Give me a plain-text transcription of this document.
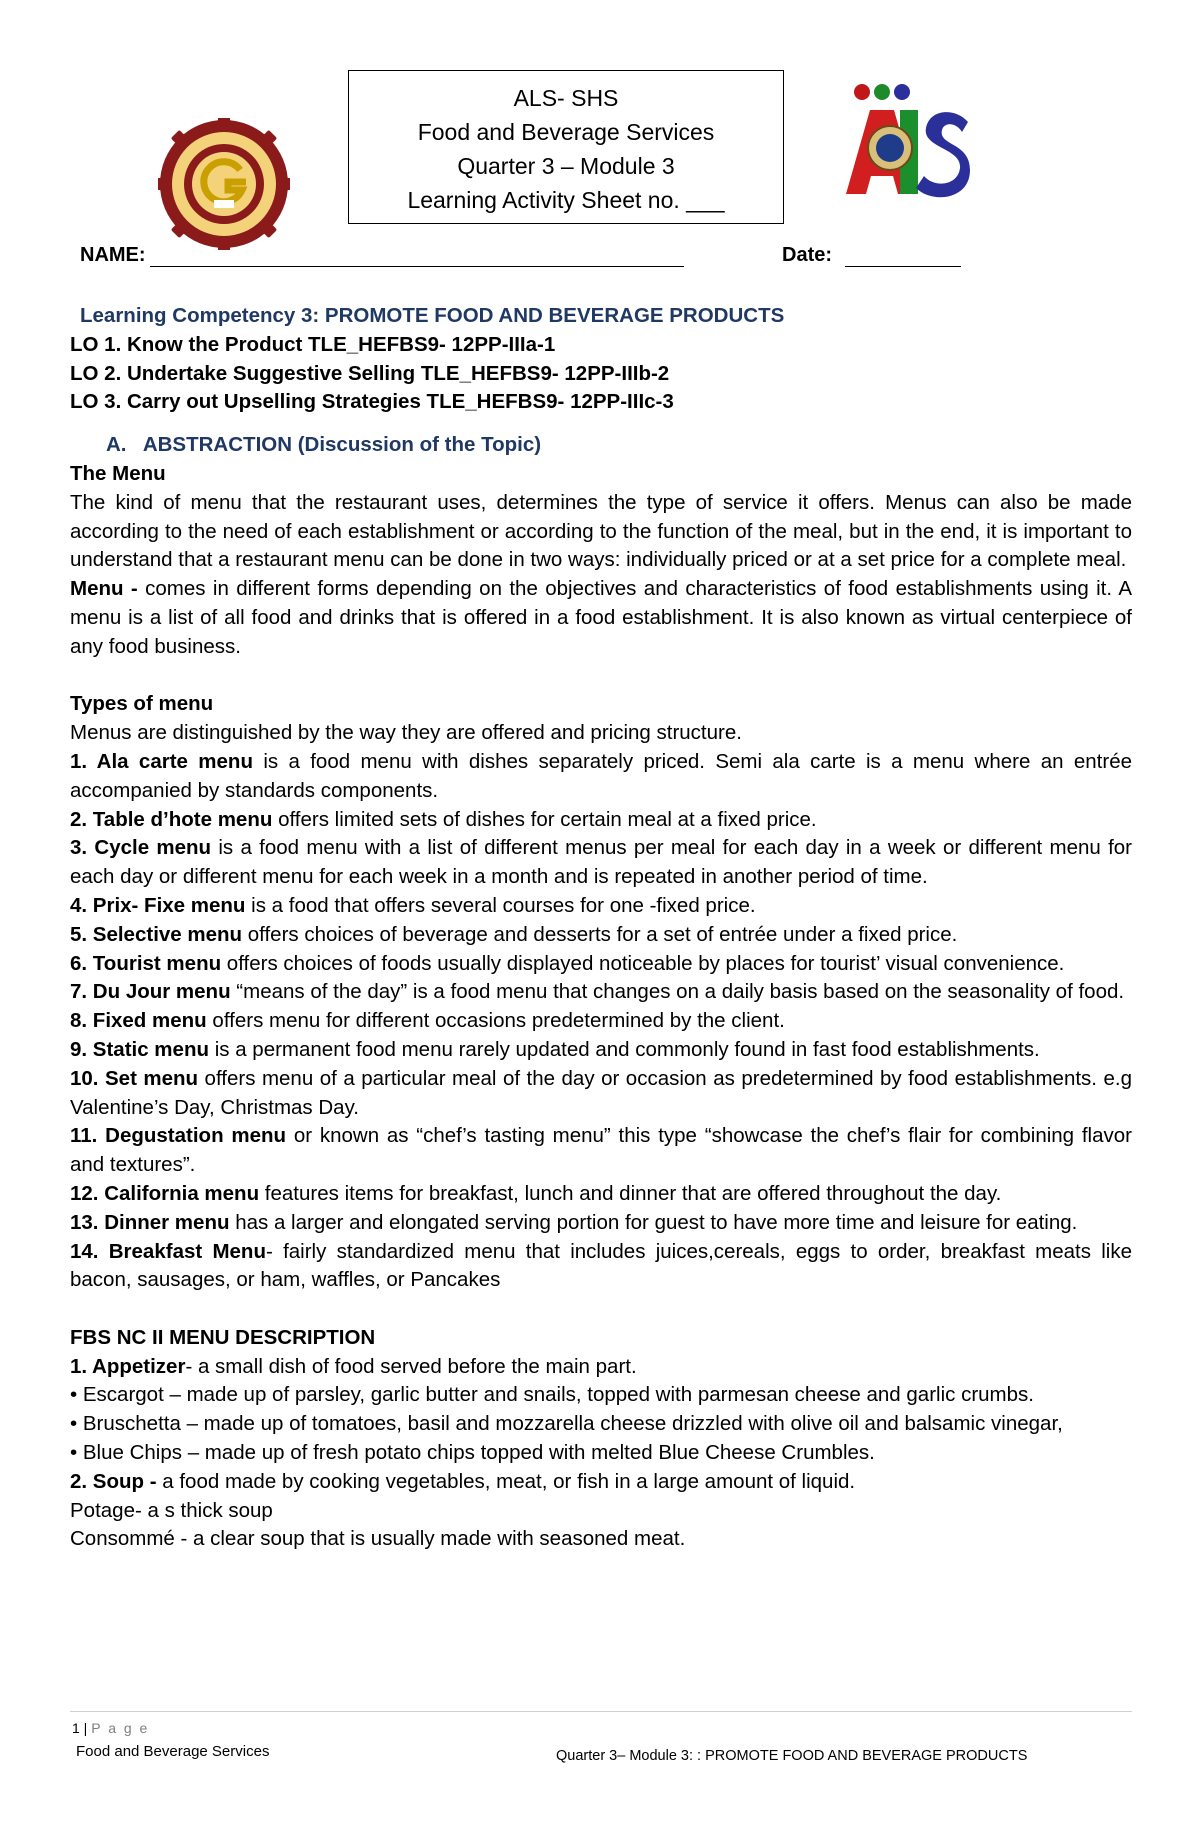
ALS- SHS
Food and Beverage Services
Quarter 3 – Module 3
Learning Activity Sheet no. ___
NAME:	Date:

Learning Competency 3: PROMOTE FOOD AND BEVERAGE PRODUCTS

LO 1. Know the Product TLE_HEFBS9- 12PP-IIIa-1

LO 2. Undertake Suggestive Selling TLE_HEFBS9- 12PP-IIIb-2

LO 3. Carry out Upselling Strategies TLE_HEFBS9- 12PP-IIIc-3

A.   ABSTRACTION (Discussion of the Topic)

The Menu

The kind of menu that the restaurant uses, determines the type of service it offers. Menus can also be made according to the need of each establishment or according to the function of the meal, but in the end, it is important to understand that a restaurant menu can be done in two ways: individually priced or at a set price for a complete meal.

Menu - comes in different forms depending on the objectives and characteristics of food establishments using it. A menu is a list of all food and drinks that is offered in a food establishment. It is also known as virtual centerpiece of any food business.

Types of menu

Menus are distinguished by the way they are offered and pricing structure.

1. Ala carte menu is a food menu with dishes separately priced. Semi ala carte is a menu where an entrée accompanied by standards components.

2. Table d’hote menu offers limited sets of dishes for certain meal at a fixed price.

3. Cycle menu is a food menu with a list of different menus per meal for each day in a week or different menu for each day or different menu for each week in a month and is repeated in another period of time.

4. Prix- Fixe menu is a food that offers several courses for one -fixed price.

5. Selective menu offers choices of beverage and desserts for a set of entrée under a fixed price.

6. Tourist menu offers choices of foods usually displayed noticeable by places for tourist’ visual convenience.

7. Du Jour menu “means of the day” is a food menu that changes on a daily basis based on the seasonality of food.

8. Fixed menu offers menu for different occasions predetermined by the client.

9. Static menu is a permanent food menu rarely updated and commonly found in fast food establishments.

10. Set menu offers menu of a particular meal of the day or occasion as predetermined by food establishments. e.g Valentine’s Day, Christmas Day.

11. Degustation menu or known as “chef’s tasting menu” this type “showcase the chef’s flair for combining flavor and textures”.

12. California menu features items for breakfast, lunch and dinner that are offered throughout the day.

13. Dinner menu has a larger and elongated serving portion for guest to have more time and leisure for eating.

14. Breakfast Menu- fairly standardized menu that includes juices,cereals, eggs to order, breakfast meats like bacon, sausages, or ham, waffles, or Pancakes

FBS NC II MENU DESCRIPTION

1. Appetizer- a small dish of food served before the main part.

• Escargot – made up of parsley, garlic butter and snails, topped with parmesan cheese and garlic crumbs.

• Bruschetta – made up of tomatoes, basil and mozzarella cheese drizzled with olive oil and balsamic vinegar,

• Blue Chips – made up of fresh potato chips topped with melted Blue Cheese Crumbles.

2. Soup - a food made by cooking vegetables, meat, or fish in a large amount of liquid.

Potage- a s thick soup

Consommé - a clear soup that is usually made with seasoned meat.

1 | P a g e
Food and Beverage Services	Quarter 3– Module 3: : PROMOTE FOOD AND BEVERAGE PRODUCTS
